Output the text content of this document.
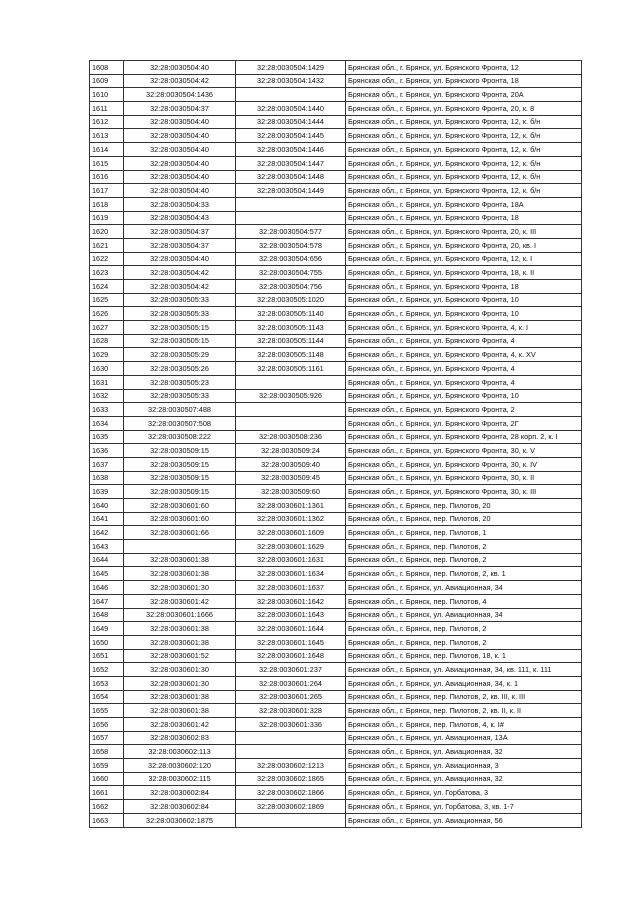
1608	32:28:0030504:40	32:28:0030504:1429	Брянская обл., г. Брянск, ул. Брянского Фронта, 12
1609	32:28:0030504:42	32:28:0030504:1432	Брянская обл., г. Брянск, ул. Брянского Фронта, 18
1610	32:28:0030504:1436		Брянская обл., г. Брянск, ул. Брянского Фронта, 20А
1611	32:28:0030504:37	32:28:0030504:1440	Брянская обл., г. Брянск, ул. Брянского Фронта, 20, к. 8
1612	32:28:0030504:40	32:28:0030504:1444	Брянская обл., г. Брянск, ул. Брянского Фронта, 12, к. б/н
1613	32:28:0030504:40	32:28:0030504:1445	Брянская обл., г. Брянск, ул. Брянского Фронта, 12, к. б/н
1614	32:28:0030504:40	32:28:0030504:1446	Брянская обл., г. Брянск, ул. Брянского Фронта, 12, к. б/н
1615	32:28:0030504:40	32:28:0030504:1447	Брянская обл., г. Брянск, ул. Брянского Фронта, 12, к. б/н
1616	32:28:0030504:40	32:28:0030504:1448	Брянская обл., г. Брянск, ул. Брянского Фронта, 12, к. б/н
1617	32:28:0030504:40	32:28:0030504:1449	Брянская обл., г. Брянск, ул. Брянского Фронта, 12, к. б/н
1618	32:28:0030504:33		Брянская обл., г. Брянск, ул. Брянского Фронта, 18А
1619	32:28:0030504:43		Брянская обл., г. Брянск, ул. Брянского Фронта, 18
1620	32:28:0030504:37	32:28:0030504:577	Брянская обл., г. Брянск, ул. Брянского Фронта, 20, к. III
1621	32:28:0030504:37	32:28:0030504:578	Брянская обл., г. Брянск, ул. Брянского Фронта, 20, кв. I
1622	32:28:0030504:40	32:28:0030504:656	Брянская обл., г. Брянск, ул. Брянского Фронта, 12, к. I
1623	32:28:0030504:42	32:28:0030504:755	Брянская обл., г. Брянск, ул. Брянского Фронта, 18, к. II
1624	32:28:0030504:42	32:28:0030504:756	Брянская обл., г. Брянск, ул. Брянского Фронта, 18
1625	32:28:0030505:33	32:28:0030505:1020	Брянская обл., г. Брянск, ул. Брянского Фронта, 10
1626	32:28:0030505:33	32:28:0030505:1140	Брянская обл., г. Брянск, ул. Брянского Фронта, 10
1627	32:28:0030505:15	32:28:0030505:1143	Брянская обл., г. Брянск, ул. Брянского Фронта, 4, к. I
1628	32:28:0030505:15	32:28:0030505:1144	Брянская обл., г. Брянск, ул. Брянского Фронта, 4
1629	32:28:0030505:29	32:28:0030505:1148	Брянская обл., г. Брянск, ул. Брянского Фронта, 4, к. XV
1630	32:28:0030505:26	32:28:0030505:1161	Брянская обл., г. Брянск, ул. Брянского Фронта, 4
1631	32:28:0030505:23		Брянская обл., г. Брянск, ул. Брянского Фронта, 4
1632	32:28:0030505:33	32:28:0030505:926	Брянская обл., г. Брянск, ул. Брянского Фронта, 10
1633	32:28:0030507:488		Брянская обл., г. Брянск, ул. Брянского Фронта, 2
1634	32:28:0030507:508		Брянская обл., г. Брянск, ул. Брянского Фронта, 2Г
1635	32:28:0030508:222	32:28:0030508:236	Брянская обл., г. Брянск, ул. Брянского Фронта, 28 корп. 2, к. I
1636	32:28:0030509:15	32:28:0030509:24	Брянская обл., г. Брянск, ул. Брянского Фронта, 30, к. V
1637	32:28:0030509:15	32:28:0030509:40	Брянская обл., г. Брянск, ул. Брянского Фронта, 30, к. IV
1638	32:28:0030509:15	32:28:0030509:45	Брянская обл., г. Брянск, ул. Брянского Фронта, 30, к. II
1639	32:28:0030509:15	32:28:0030509:60	Брянская обл., г. Брянск, ул. Брянского Фронта, 30, к. III
1640	32:28:0030601:60	32:28:0030601:1361	Брянская обл., г. Брянск, пер. Пилотов, 20
1641	32:28:0030601:60	32:28:0030601:1362	Брянская обл., г. Брянск, пер. Пилотов, 20
1642	32:28:0030601:66	32:28:0030601:1609	Брянская обл., г. Брянск, пер. Пилотов, 1
1643		32:28:0030601:1629	Брянская обл., г. Брянск, пер. Пилотов, 2
1644	32:28:0030601:38	32:28:0030601:1631	Брянская обл., г. Брянск, пер. Пилотов, 2
1645	32:28:0030601:38	32:28:0030601:1634	Брянская обл., г. Брянск, пер. Пилотов, 2, кв. 1
1646	32:28:0030601:30	32:28:0030601:1637	Брянская обл., г. Брянск, ул. Авиационная, 34
1647	32:28:0030601:42	32:28:0030601:1642	Брянская обл., г. Брянск, пер. Пилотов, 4
1648	32:28:0030601:1666	32:28:0030601:1643	Брянская обл., г. Брянск, ул. Авиационная, 34
1649	32:28:0030601:38	32:28:0030601:1644	Брянская обл., г. Брянск, пер. Пилотов, 2
1650	32:28:0030601:38	32:28:0030601:1645	Брянская обл., г. Брянск, пер. Пилотов, 2
1651	32:28:0030601:52	32:28:0030601:1648	Брянская обл., г. Брянск, пер. Пилотов, 18, к. 1
1652	32:28:0030601:30	32:28:0030601:237	Брянская обл., г. Брянск, ул. Авиационная, 34, кв. 111, к. 111
1653	32:28:0030601:30	32:28:0030601:264	Брянская обл., г. Брянск, ул. Авиационная, 34, к. 1
1654	32:28:0030601:38	32:28:0030601:265	Брянская обл., г. Брянск, пер. Пилотов, 2, кв. III, к. III
1655	32:28:0030601:38	32:28:0030601:328	Брянская обл., г. Брянск, пер. Пилотов, 2, кв. II, к. II
1656	32:28:0030601:42	32:28:0030601:336	Брянская обл., г. Брянск, пер. Пилотов, 4, к. I#
1657	32:28:0030602:83		Брянская обл., г. Брянск, ул. Авиационная, 13А
1658	32:28:0030602:113		Брянская обл., г. Брянск, ул. Авиационная, 32
1659	32:28:0030602:120	32:28:0030602:1213	Брянская обл., г. Брянск, ул. Авиационная, 3
1660	32:28:0030602:115	32:28:0030602:1865	Брянская обл., г. Брянск, ул. Авиационная, 32
1661	32:28:0030602:84	32:28:0030602:1866	Брянская обл., г. Брянск, ул. Горбатова, 3
1662	32:28:0030602:84	32:28:0030602:1869	Брянская обл., г. Брянск, ул. Горбатова, 3, кв. 1-7
1663	32:28:0030602:1875		Брянская обл., г. Брянск, ул. Авиационная, 56
